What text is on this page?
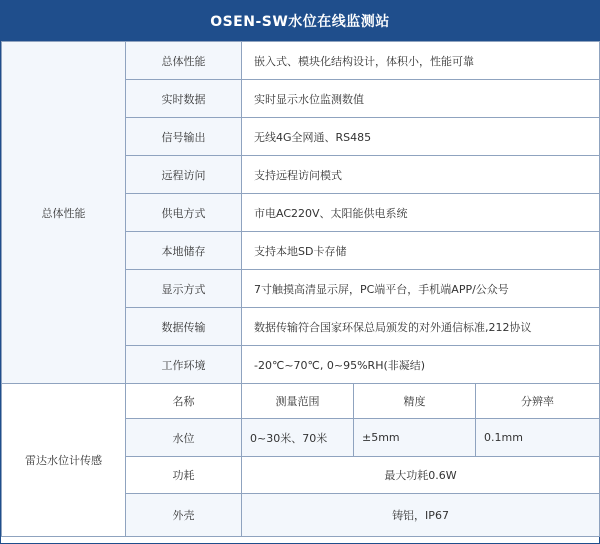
OSEN-SW水位在线监测站
总体性能	总体性能	嵌入式、模块化结构设计，体积小，性能可靠		
	实时数据	实时显示水位监测数值		
	信号输出	无线4G全网通、RS485		
	远程访问	支持远程访问模式		
	供电方式	市电AC220V、太阳能供电系统		
	本地储存	支持本地SD卡存储		
	显示方式	7寸触摸高清显示屏，PC端平台，手机端APP/公众号		
	数据传输	数据传输符合国家环保总局颁发的对外通信标准,212协议		
	工作环境	-20℃~70℃, 0~95%RH(非凝结)		
雷达水位计传感	名称	测量范围	精度	分辨率
	水位	0~30米、70米	±5mm	0.1mm
	功耗	最大功耗0.6W		
	外壳	铸铝，IP67		
